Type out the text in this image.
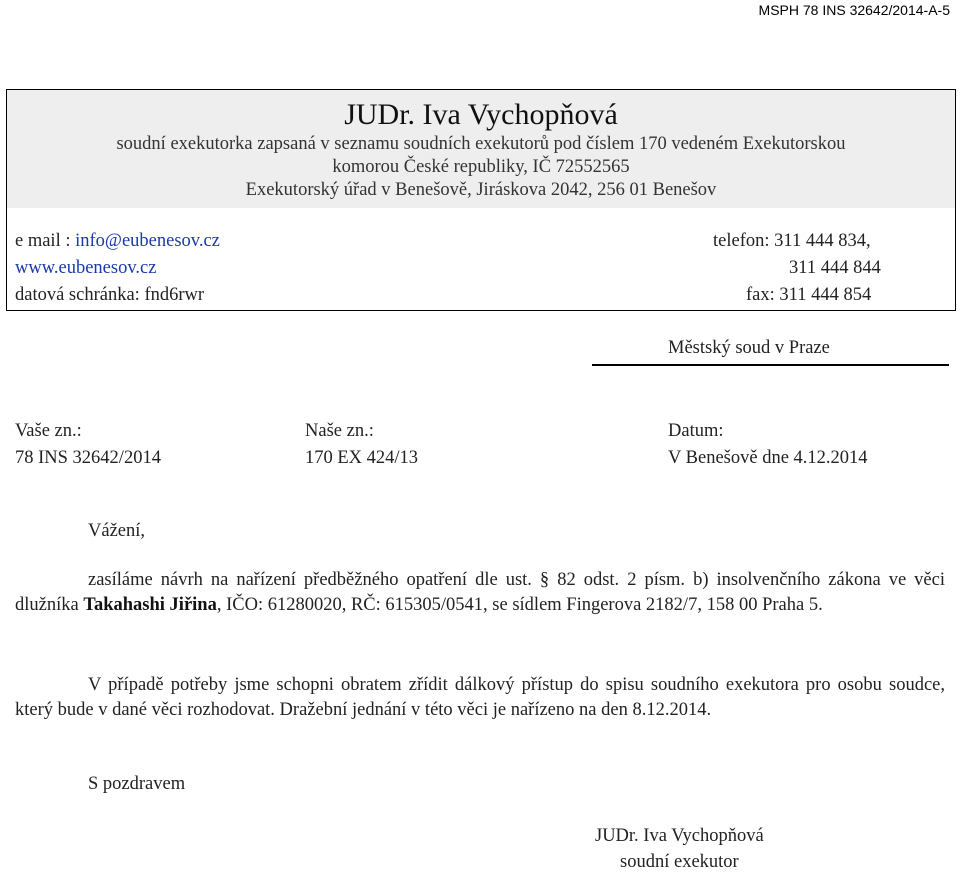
MSPH 78 INS 32642/2014-A-5
JUDr. Iva Vychopňová
soudní exekutorka zapsaná v seznamu soudních exekutorů pod číslem 170 vedeném Exekutorskou
komorou České republiky, IČ 72552565
Exekutorský úřad v Benešově, Jiráskova 2042, 256 01 Benešov
e mail : info@eubenesov.cz
www.eubenesov.cz
datová schránka: fnd6rwr
telefon: 311 444 834,
311 444 844
fax: 311 444 854
Městský soud v Praze
Vaše zn.:
78 INS 32642/2014
Naše zn.:
170 EX 424/13
Datum:
V Benešově dne 4.12.2014
Vážení,
zasíláme návrh na nařízení předběžného opatření dle ust. § 82 odst. 2 písm. b) insolvenčního zákona ve věci dlužníka Takahashi Jiřina, IČO: 61280020, RČ: 615305/0541, se sídlem Fingerova 2182/7, 158 00 Praha 5.
V případě potřeby jsme schopni obratem zřídit dálkový přístup do spisu soudního exekutora pro osobu soudce, který bude v dané věci rozhodovat. Dražební jednání v této věci je nařízeno na den 8.12.2014.
S pozdravem
JUDr. Iva Vychopňová
soudní exekutor
